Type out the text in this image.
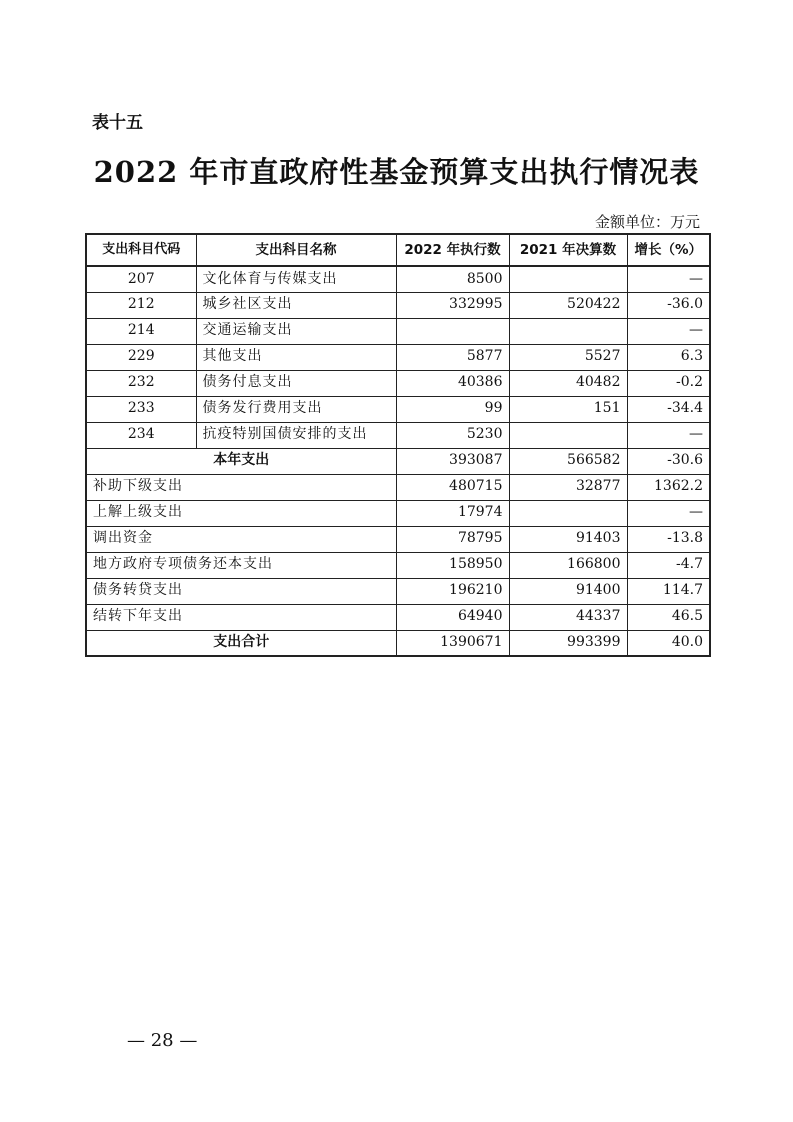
表十五
2022 年市直政府性基金预算支出执行情况表
金额单位：万元
支出科目代码	支出科目名称	2022 年执行数	2021 年决算数	增长（%）
207	文化体育与传媒支出	8500		—
212	城乡社区支出	332995	520422	-36.0
214	交通运输支出			—
229	其他支出	5877	5527	6.3
232	债务付息支出	40386	40482	-0.2
233	债务发行费用支出	99	151	-34.4
234	抗疫特别国债安排的支出	5230		—
本年支出		393087	566582	-30.6
补助下级支出		480715	32877	1362.2
上解上级支出		17974		—
调出资金		78795	91403	-13.8
地方政府专项债务还本支出		158950	166800	-4.7
债务转贷支出		196210	91400	114.7
结转下年支出		64940	44337	46.5
支出合计		1390671	993399	40.0
— 28 —
